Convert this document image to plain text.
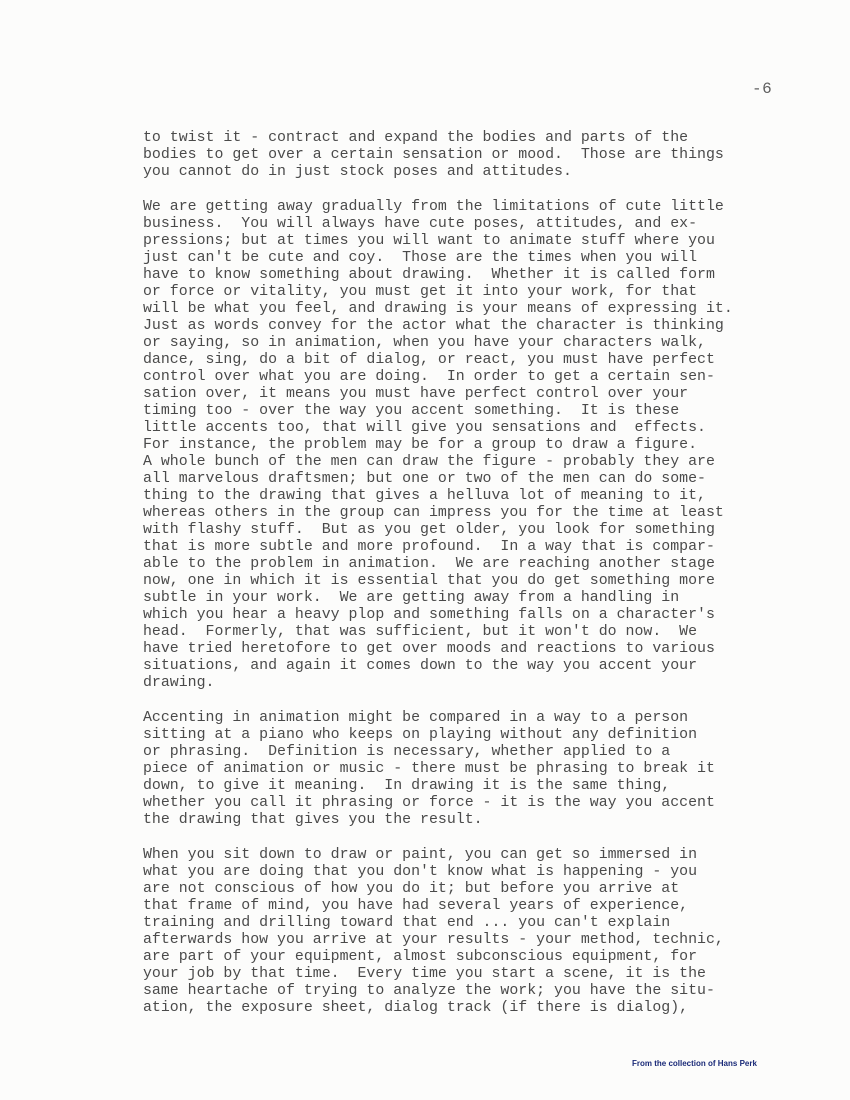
-6
to twist it - contract and expand the bodies and parts of the
bodies to get over a certain sensation or mood.  Those are things
you cannot do in just stock poses and attitudes.
We are getting away gradually from the limitations of cute little
business.  You will always have cute poses, attitudes, and ex-
pressions; but at times you will want to animate stuff where you
just can't be cute and coy.  Those are the times when you will
have to know something about drawing.  Whether it is called form
or force or vitality, you must get it into your work, for that
will be what you feel, and drawing is your means of expressing it.
Just as words convey for the actor what the character is thinking
or saying, so in animation, when you have your characters walk,
dance, sing, do a bit of dialog, or react, you must have perfect
control over what you are doing.  In order to get a certain sen-
sation over, it means you must have perfect control over your
timing too - over the way you accent something.  It is these
little accents too, that will give you sensations and  effects.
For instance, the problem may be for a group to draw a figure.
A whole bunch of the men can draw the figure - probably they are
all marvelous draftsmen; but one or two of the men can do some-
thing to the drawing that gives a helluva lot of meaning to it,
whereas others in the group can impress you for the time at least
with flashy stuff.  But as you get older, you look for something
that is more subtle and more profound.  In a way that is compar-
able to the problem in animation.  We are reaching another stage
now, one in which it is essential that you do get something more
subtle in your work.  We are getting away from a handling in
which you hear a heavy plop and something falls on a character's
head.  Formerly, that was sufficient, but it won't do now.  We
have tried heretofore to get over moods and reactions to various
situations, and again it comes down to the way you accent your
drawing.
Accenting in animation might be compared in a way to a person
sitting at a piano who keeps on playing without any definition
or phrasing.  Definition is necessary, whether applied to a
piece of animation or music - there must be phrasing to break it
down, to give it meaning.  In drawing it is the same thing,
whether you call it phrasing or force - it is the way you accent
the drawing that gives you the result.
When you sit down to draw or paint, you can get so immersed in
what you are doing that you don't know what is happening - you
are not conscious of how you do it; but before you arrive at
that frame of mind, you have had several years of experience,
training and drilling toward that end ... you can't explain
afterwards how you arrive at your results - your method, technic,
are part of your equipment, almost subconscious equipment, for
your job by that time.  Every time you start a scene, it is the
same heartache of trying to analyze the work; you have the situ-
ation, the exposure sheet, dialog track (if there is dialog),
From the collection of Hans Perk
